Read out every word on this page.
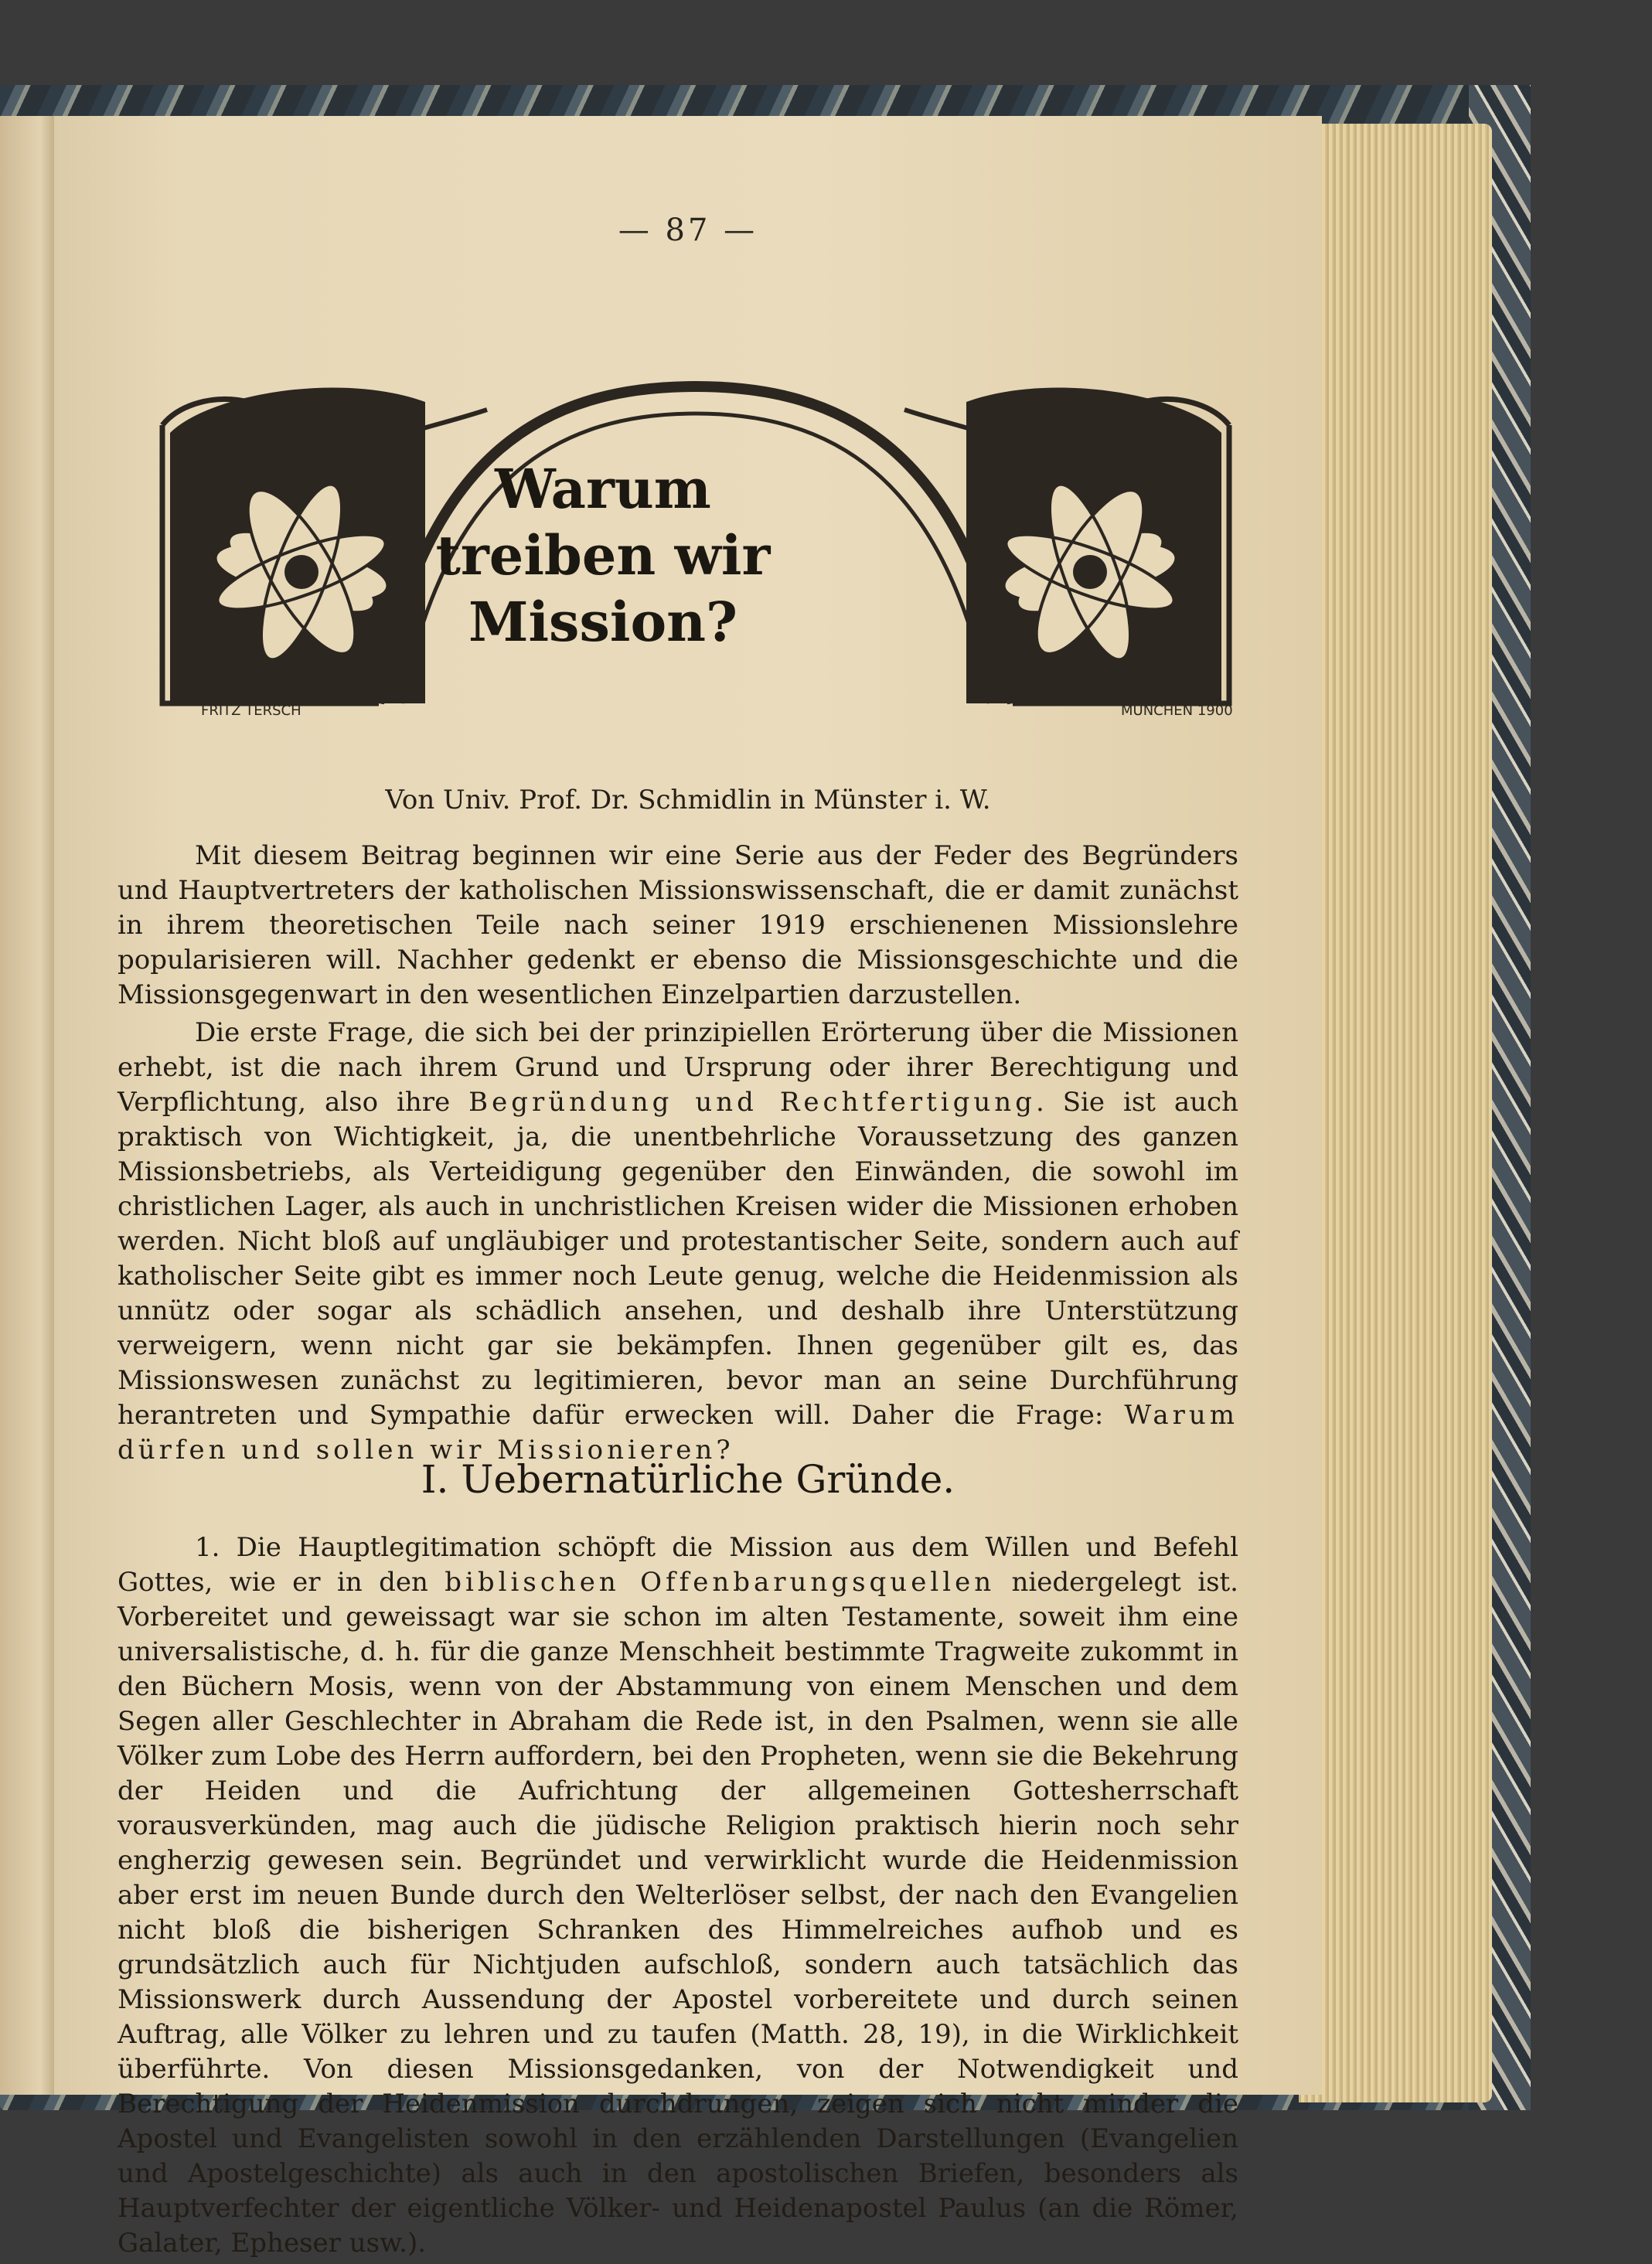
— 87 —
FRITZ TERSCH	MÜNCHEN 1900
Warum
treiben wir
Mission?
Von Univ. Prof. Dr. Schmidlin in Münster i. W.

Mit diesem Beitrag beginnen wir eine Serie aus der Feder des Begründers und Hauptvertreters der katholischen Missionswissenschaft, die er damit zunächst in ihrem theoretischen Teile nach seiner 1919 erschienenen Missionslehre popularisieren will. Nachher gedenkt er ebenso die Missionsgeschichte und die Missionsgegenwart in den wesentlichen Einzelpartien darzustellen.

Die erste Frage, die sich bei der prinzipiellen Erörterung über die Missionen erhebt, ist die nach ihrem Grund und Ursprung oder ihrer Berechtigung und Verpflichtung, also ihre Begründung und Rechtfertigung. Sie ist auch praktisch von Wichtigkeit, ja, die unentbehrliche Voraussetzung des ganzen Missionsbetriebs, als Verteidigung gegenüber den Einwänden, die sowohl im christlichen Lager, als auch in unchristlichen Kreisen wider die Missionen erhoben werden. Nicht bloß auf ungläubiger und protestantischer Seite, sondern auch auf katholischer Seite gibt es immer noch Leute genug, welche die Heidenmission als unnütz oder sogar als schädlich ansehen, und deshalb ihre Unterstützung verweigern, wenn nicht gar sie bekämpfen. Ihnen gegenüber gilt es, das Missionswesen zunächst zu legitimieren, bevor man an seine Durchführung herantreten und Sympathie dafür erwecken will. Daher die Frage: Warum dürfen und sollen wir Missionieren?

I. Uebernatürliche Gründe.

1. Die Hauptlegitimation schöpft die Mission aus dem Willen und Befehl Gottes, wie er in den biblischen Offenbarungsquellen niedergelegt ist. Vorbereitet und geweissagt war sie schon im alten Testamente, soweit ihm eine universalistische, d. h. für die ganze Menschheit bestimmte Tragweite zukommt in den Büchern Mosis, wenn von der Abstammung von einem Menschen und dem Segen aller Geschlechter in Abraham die Rede ist, in den Psalmen, wenn sie alle Völker zum Lobe des Herrn auffordern, bei den Propheten, wenn sie die Bekehrung der Heiden und die Aufrichtung der allgemeinen Gottesherrschaft vorausverkünden, mag auch die jüdische Religion praktisch hierin noch sehr engherzig gewesen sein. Begründet und verwirklicht wurde die Heidenmission aber erst im neuen Bunde durch den Welterlöser selbst, der nach den Evangelien nicht bloß die bisherigen Schranken des Himmelreiches aufhob und es grundsätzlich auch für Nichtjuden aufschloß, sondern auch tatsächlich das Missionswerk durch Aussendung der Apostel vorbereitete und durch seinen Auftrag, alle Völker zu lehren und zu taufen (Matth. 28, 19), in die Wirklichkeit überführte. Von diesen Missionsgedanken, von der Notwendigkeit und Berechtigung der Heidenmission durchdrungen, zeigen sich nicht minder die Apostel und Evangelisten sowohl in den erzählenden Darstellungen (Evangelien und Apostelgeschichte) als auch in den apostolischen Briefen, besonders als Hauptverfechter der eigentliche Völker- und Heidenapostel Paulus (an die Römer, Galater, Epheser usw.).
